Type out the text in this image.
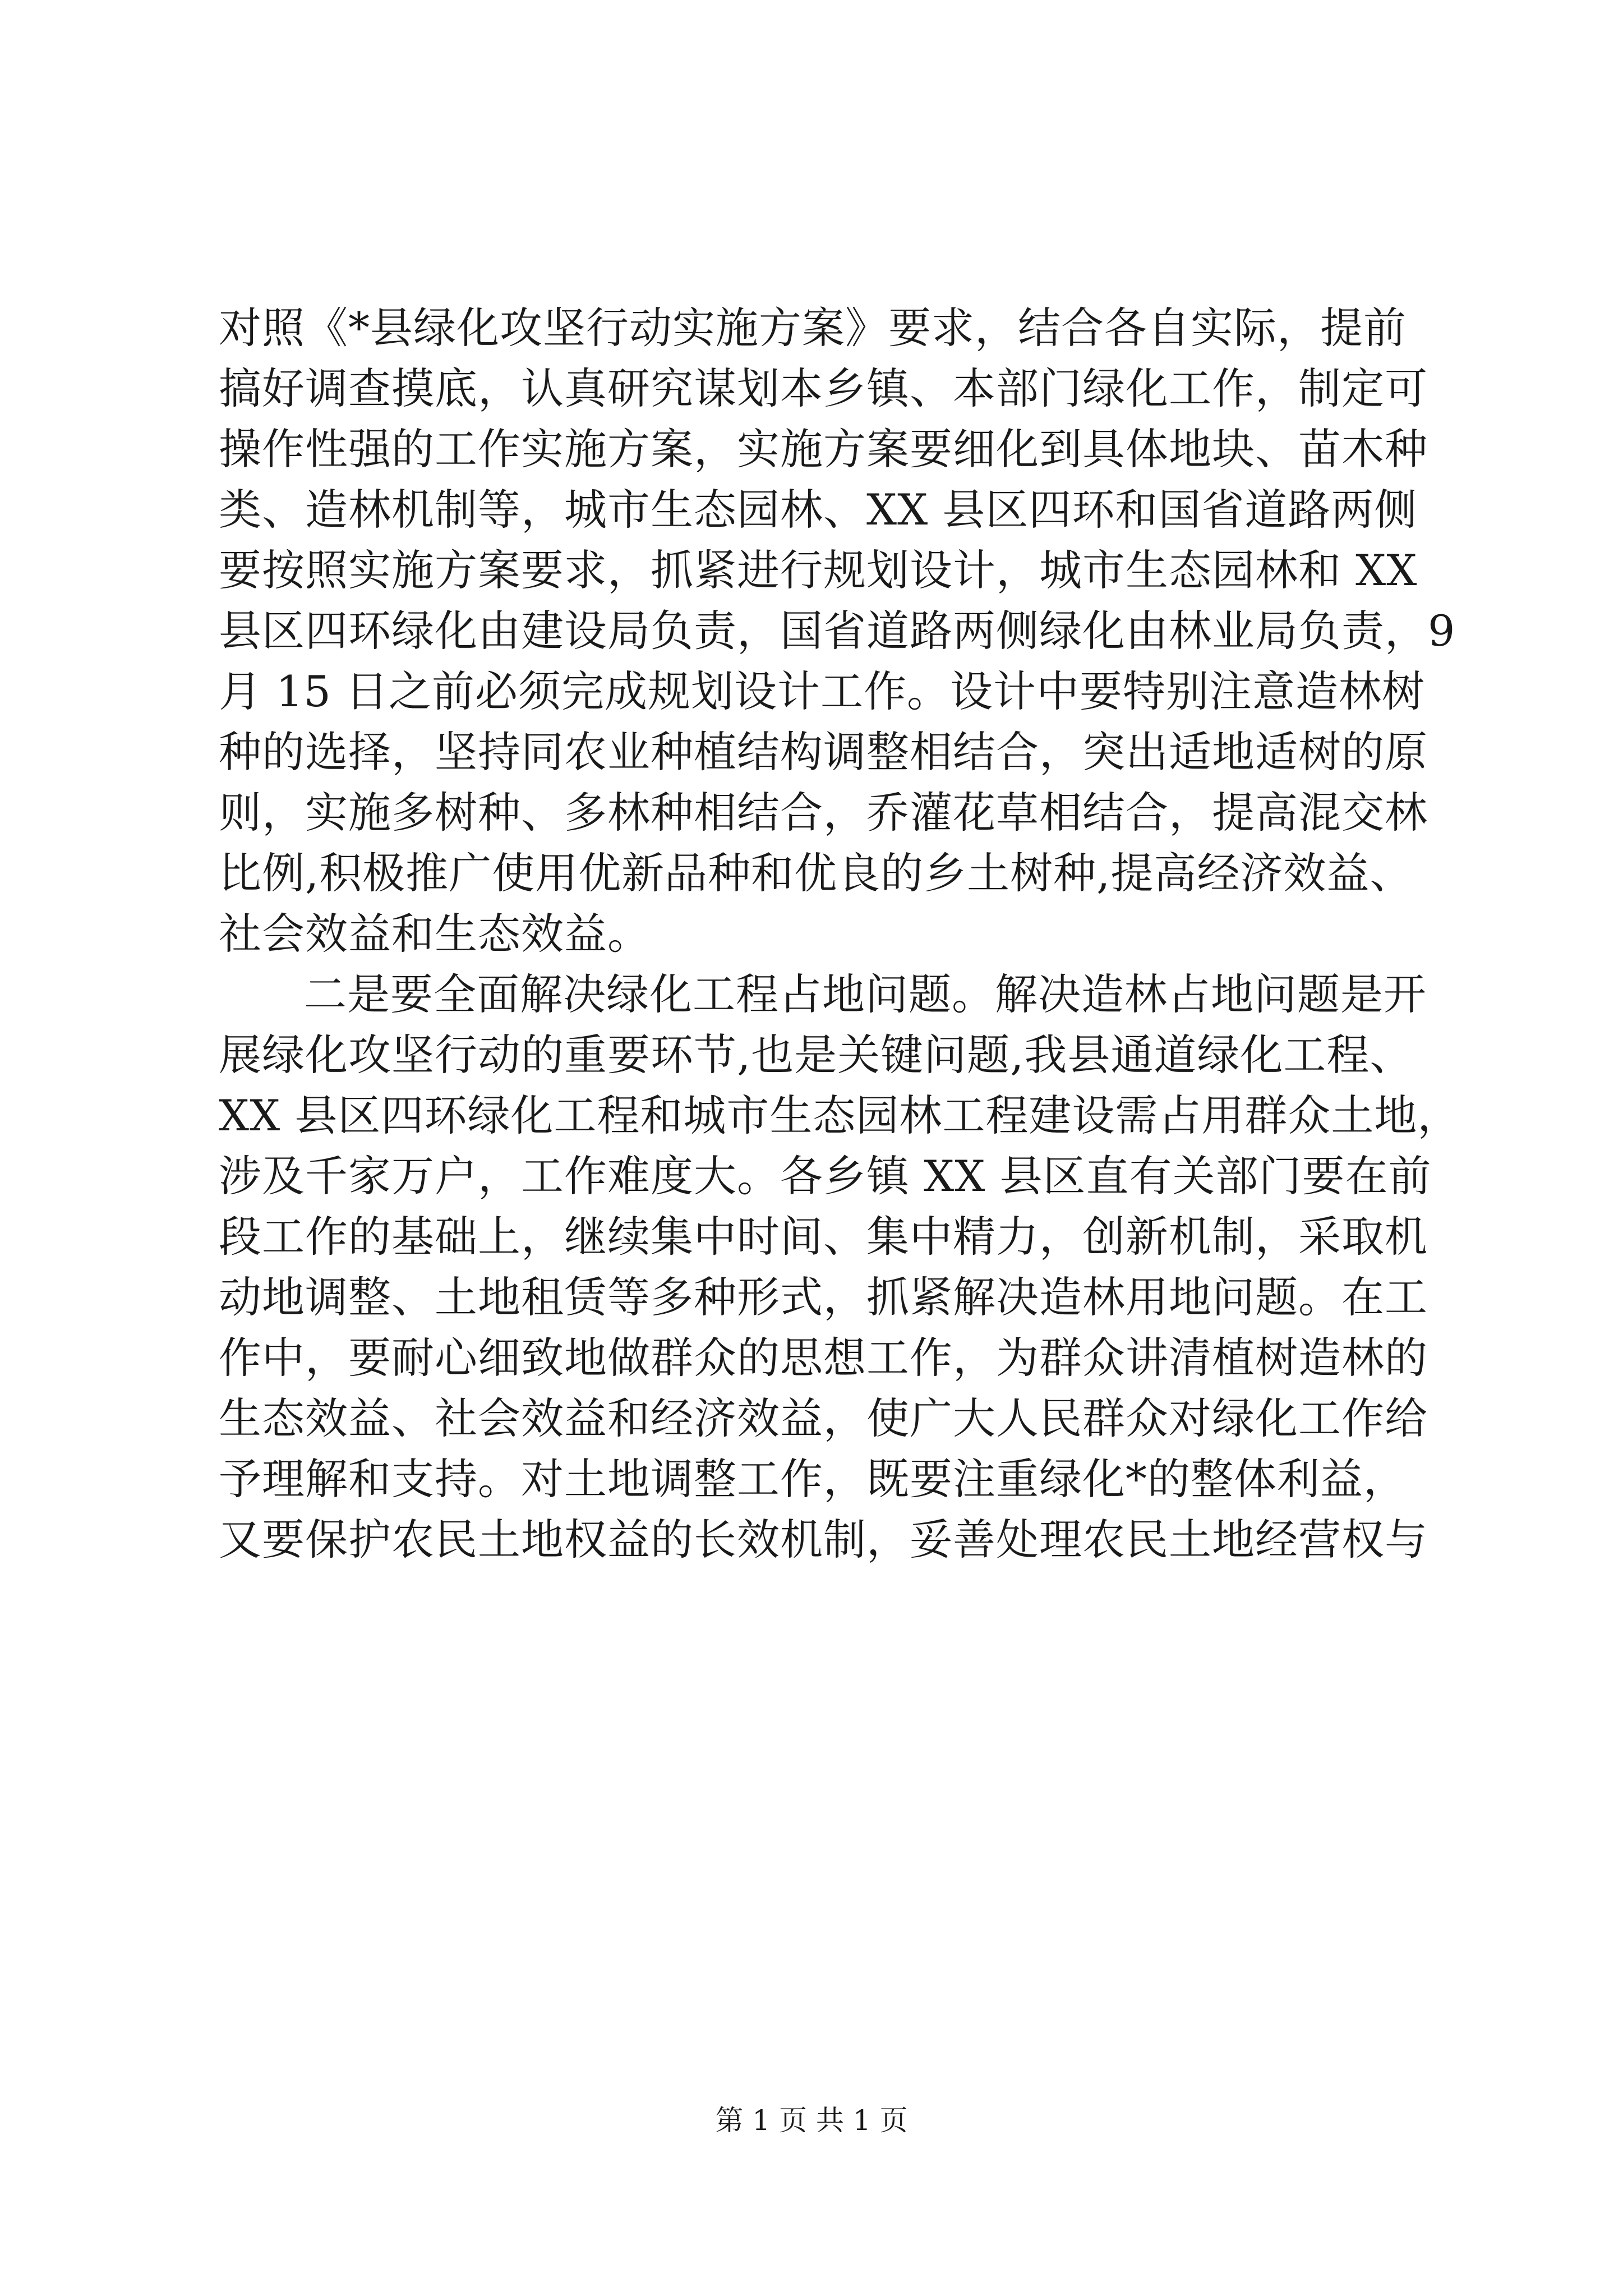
对照《*县绿化攻坚行动实施方案》要求，结合各自实际，提前

搞好调查摸底，认真研究谋划本乡镇、本部门绿化工作，制定可

操作性强的工作实施方案，实施方案要细化到具体地块、苗木种

类、造林机制等，城市生态园林、XX 县区四环和国省道路两侧

要按照实施方案要求，抓紧进行规划设计，城市生态园林和 XX

县区四环绿化由建设局负责，国省道路两侧绿化由林业局负责，9

月 15 日之前必须完成规划设计工作。设计中要特别注意造林树

种的选择，坚持同农业种植结构调整相结合，突出适地适树的原

则，实施多树种、多林种相结合，乔灌花草相结合，提高混交林

比例,积极推广使用优新品种和优良的乡土树种,提高经济效益、

社会效益和生态效益。

二是要全面解决绿化工程占地问题。解决造林占地问题是开

展绿化攻坚行动的重要环节,也是关键问题,我县通道绿化工程、

XX 县区四环绿化工程和城市生态园林工程建设需占用群众土地，

涉及千家万户，工作难度大。各乡镇 XX 县区直有关部门要在前

段工作的基础上，继续集中时间、集中精力，创新机制，采取机

动地调整、土地租赁等多种形式，抓紧解决造林用地问题。在工

作中，要耐心细致地做群众的思想工作，为群众讲清植树造林的

生态效益、社会效益和经济效益，使广大人民群众对绿化工作给

予理解和支持。对土地调整工作，既要注重绿化*的整体利益，

又要保护农民土地权益的长效机制，妥善处理农民土地经营权与

第 1 页 共 1 页
